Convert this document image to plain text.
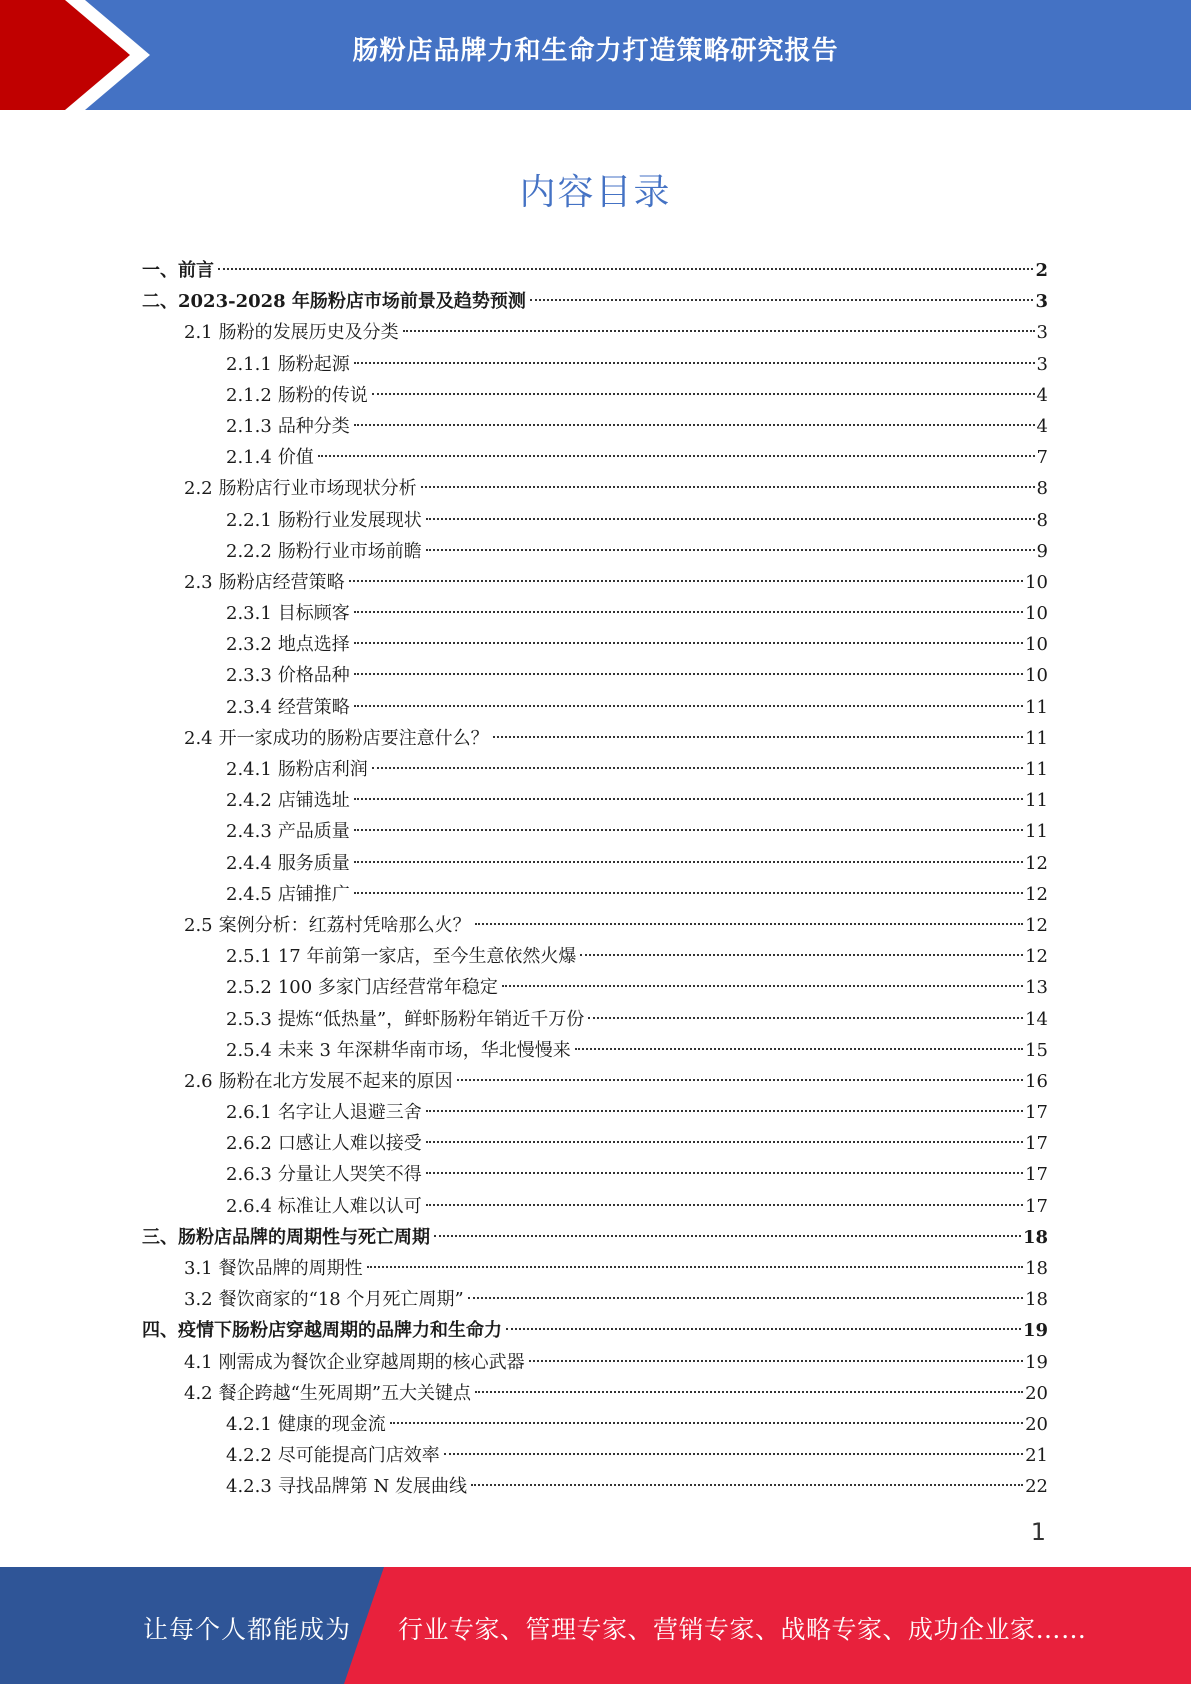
肠粉店品牌力和生命力打造策略研究报告
内容目录
一、 前言	2
二、 2023-2028 年肠粉店市场前景及趋势预测	3
2.1 肠粉的发展历史及分类	3
2.1.1 肠粉起源	3
2.1.2 肠粉的传说	4
2.1.3 品种分类	4
2.1.4 价值	7
2.2 肠粉店行业市场现状分析	8
2.2.1 肠粉行业发展现状	8
2.2.2 肠粉行业市场前瞻	9
2.3 肠粉店经营策略	10
2.3.1 目标顾客	10
2.3.2 地点选择	10
2.3.3 价格品种	10
2.3.4 经营策略	11
2.4 开一家成功的肠粉店要注意什么？	11
2.4.1 肠粉店利润	11
2.4.2 店铺选址	11
2.4.3 产品质量	11
2.4.4 服务质量	12
2.4.5 店铺推广	12
2.5 案例分析：红荔村凭啥那么火？	12
2.5.1 17 年前第一家店，至今生意依然火爆	12
2.5.2 100 多家门店经营常年稳定	13
2.5.3 提炼“低热量”，鲜虾肠粉年销近千万份	14
2.5.4 未来 3 年深耕华南市场，华北慢慢来	15
2.6 肠粉在北方发展不起来的原因	16
2.6.1 名字让人退避三舍	17
2.6.2 口感让人难以接受	17
2.6.3 分量让人哭笑不得	17
2.6.4 标准让人难以认可	17
三、 肠粉店品牌的周期性与死亡周期	18
3.1 餐饮品牌的周期性	18
3.2 餐饮商家的“18 个月死亡周期”	18
四、 疫情下肠粉店穿越周期的品牌力和生命力	19
4.1 刚需成为餐饮企业穿越周期的核心武器	19
4.2 餐企跨越“生死周期”五大关键点	20
4.2.1 健康的现金流	20
4.2.2 尽可能提高门店效率	21
4.2.3 寻找品牌第 N 发展曲线	22
1
让每个人都能成为 行业专家、管理专家、营销专家、战略专家、成功企业家……
